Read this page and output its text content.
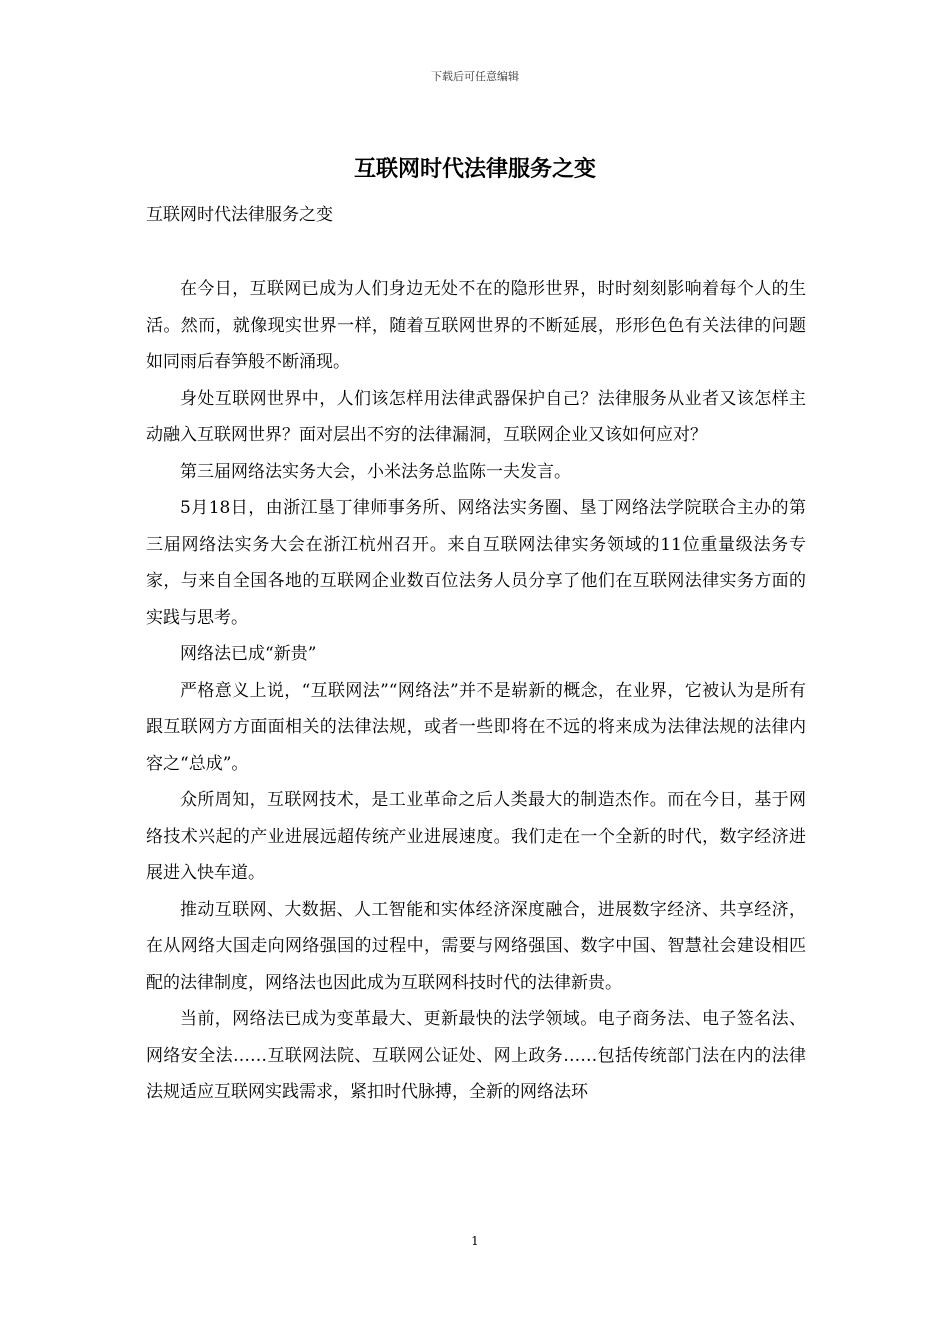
下载后可任意编辑
互联网时代法律服务之变

互联网时代法律服务之变

在今日，互联网已成为人们身边无处不在的隐形世界，时时刻刻影响着每个人的生活。然而，就像现实世界一样，随着互联网世界的不断延展，形形色色有关法律的问题如同雨后春笋般不断涌现。

身处互联网世界中，人们该怎样用法律武器保护自己？法律服务从业者又该怎样主动融入互联网世界？面对层出不穷的法律漏洞，互联网企业又该如何应对？

第三届网络法实务大会，小米法务总监陈一夫发言。

5月18日，由浙江垦丁律师事务所、网络法实务圈、垦丁网络法学院联合主办的第三届网络法实务大会在浙江杭州召开。来自互联网法律实务领域的11位重量级法务专家，与来自全国各地的互联网企业数百位法务人员分享了他们在互联网法律实务方面的实践与思考。

网络法已成“新贵”

严格意义上说，“互联网法”“网络法”并不是崭新的概念，在业界，它被认为是所有跟互联网方方面面相关的法律法规，或者一些即将在不远的将来成为法律法规的法律内容之“总成”。

众所周知，互联网技术，是工业革命之后人类最大的制造杰作。而在今日，基于网络技术兴起的产业进展远超传统产业进展速度。我们走在一个全新的时代，数字经济进展进入快车道。

推动互联网、大数据、人工智能和实体经济深度融合，进展数字经济、共享经济，在从网络大国走向网络强国的过程中，需要与网络强国、数字中国、智慧社会建设相匹配的法律制度，网络法也因此成为互联网科技时代的法律新贵。

当前，网络法已成为变革最大、更新最快的法学领域。电子商务法、电子签名法、网络安全法……互联网法院、互联网公证处、网上政务……包括传统部门法在内的法律法规适应互联网实践需求，紧扣时代脉搏，全新的网络法环

1
